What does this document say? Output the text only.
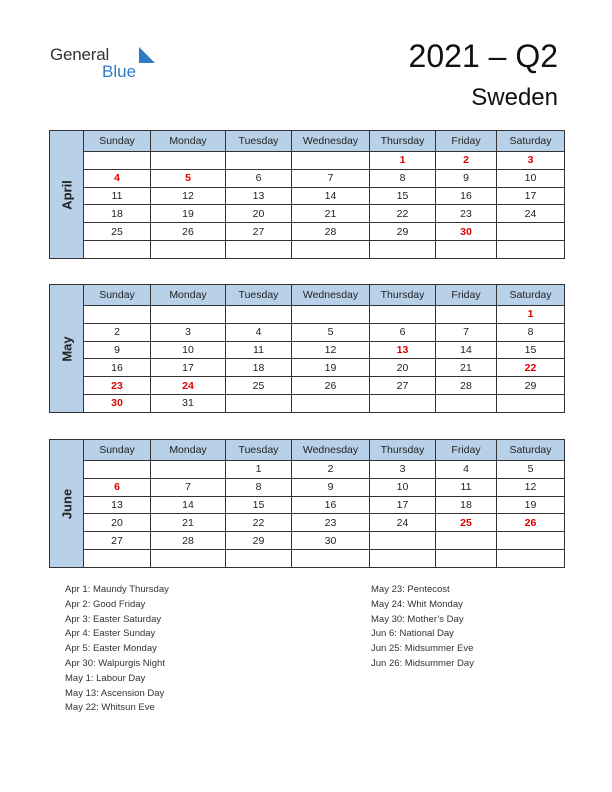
General
Blue	2021 – Q2
Sweden
April
Sunday	Monday	Tuesday	Wednesday	Thursday	Friday	Saturday
				1	2	3
4	5	6	7	8	9	10
11	12	13	14	15	16	17
18	19	20	21	22	23	24
25	26	27	28	29	30	

May
Sunday	Monday	Tuesday	Wednesday	Thursday	Friday	Saturday
						1
2	3	4	5	6	7	8
9	10	11	12	13	14	15
16	17	18	19	20	21	22
23	24	25	26	27	28	29
30	31					
June
Sunday	Monday	Tuesday	Wednesday	Thursday	Friday	Saturday
		1	2	3	4	5
6	7	8	9	10	11	12
13	14	15	16	17	18	19
20	21	22	23	24	25	26
27	28	29	30			

Apr 1: Maundy Thursday
Apr 2: Good Friday
Apr 3: Easter Saturday
Apr 4: Easter Sunday
Apr 5: Easter Monday
Apr 30: Walpurgis Night
May 1: Labour Day
May 13: Ascension Day
May 22: Whitsun Eve
May 23: Pentecost
May 24: Whit Monday
May 30: Mother’s Day
Jun 6: National Day
Jun 25: Midsummer Eve
Jun 26: Midsummer Day
